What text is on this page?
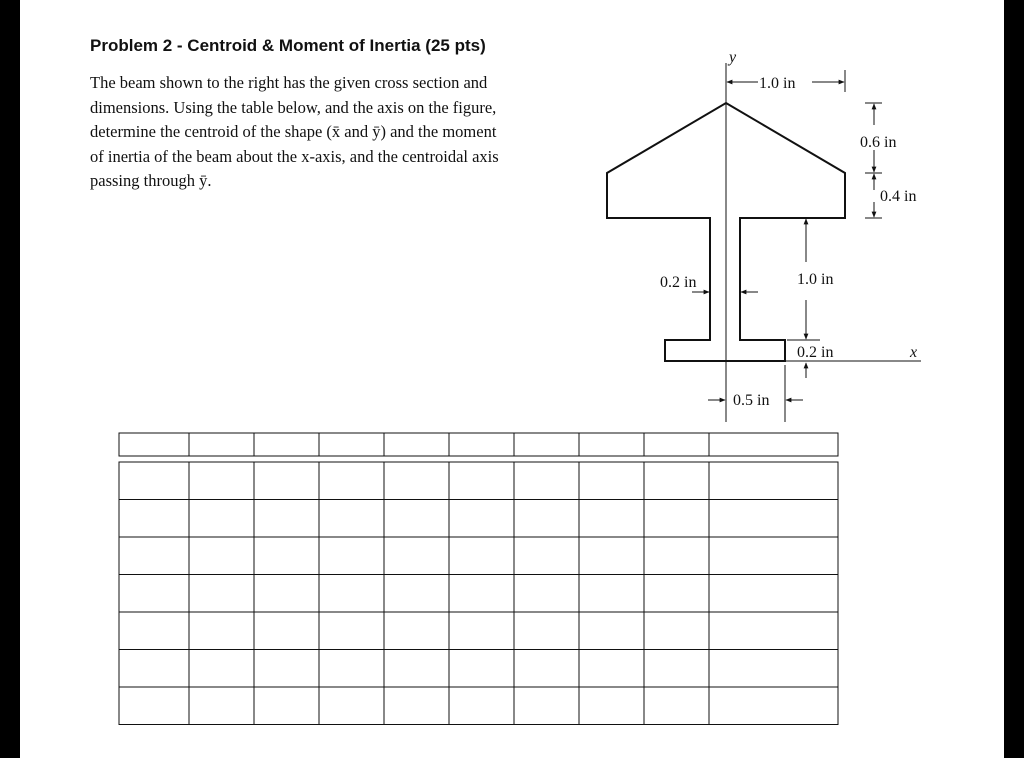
Problem 2 - Centroid & Moment of Inertia (25 pts)
The beam shown to the right has the given cross section and
dimensions. Using the table below, and the axis on the figure,
determine the centroid of the shape (x̄ and ȳ) and the moment
of inertia of the beam about the x-axis, and the centroidal axis
passing through ȳ.
y
x
1.0 in
0.6 in
0.4 in
0.2 in	1.0 in
0.2 in
0.5 in
